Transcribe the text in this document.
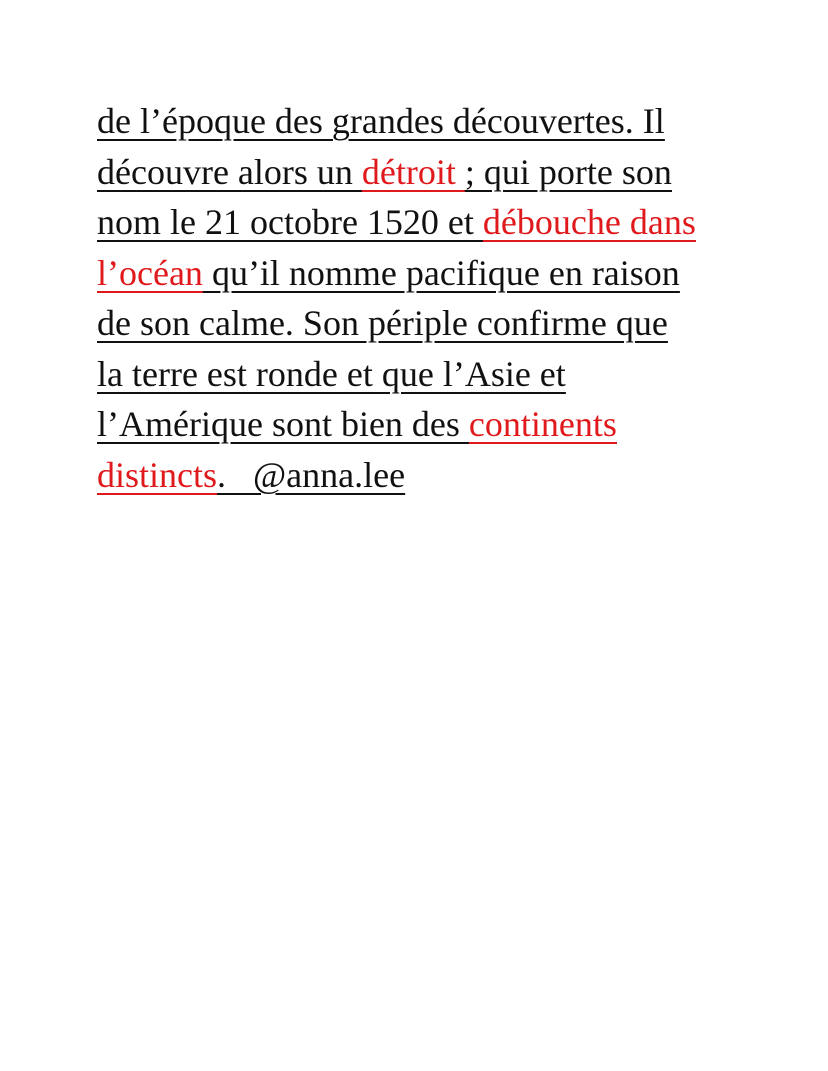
de l’époque des grandes découvertes. Il
découvre alors un détroit ; qui porte son
nom le 21 octobre 1520 et débouche dans
l’océan qu’il nomme pacifique en raison
de son calme. Son périple confirme que
la terre est ronde et que l’Asie et
l’Amérique sont bien des continents
distincts.   @anna.lee
